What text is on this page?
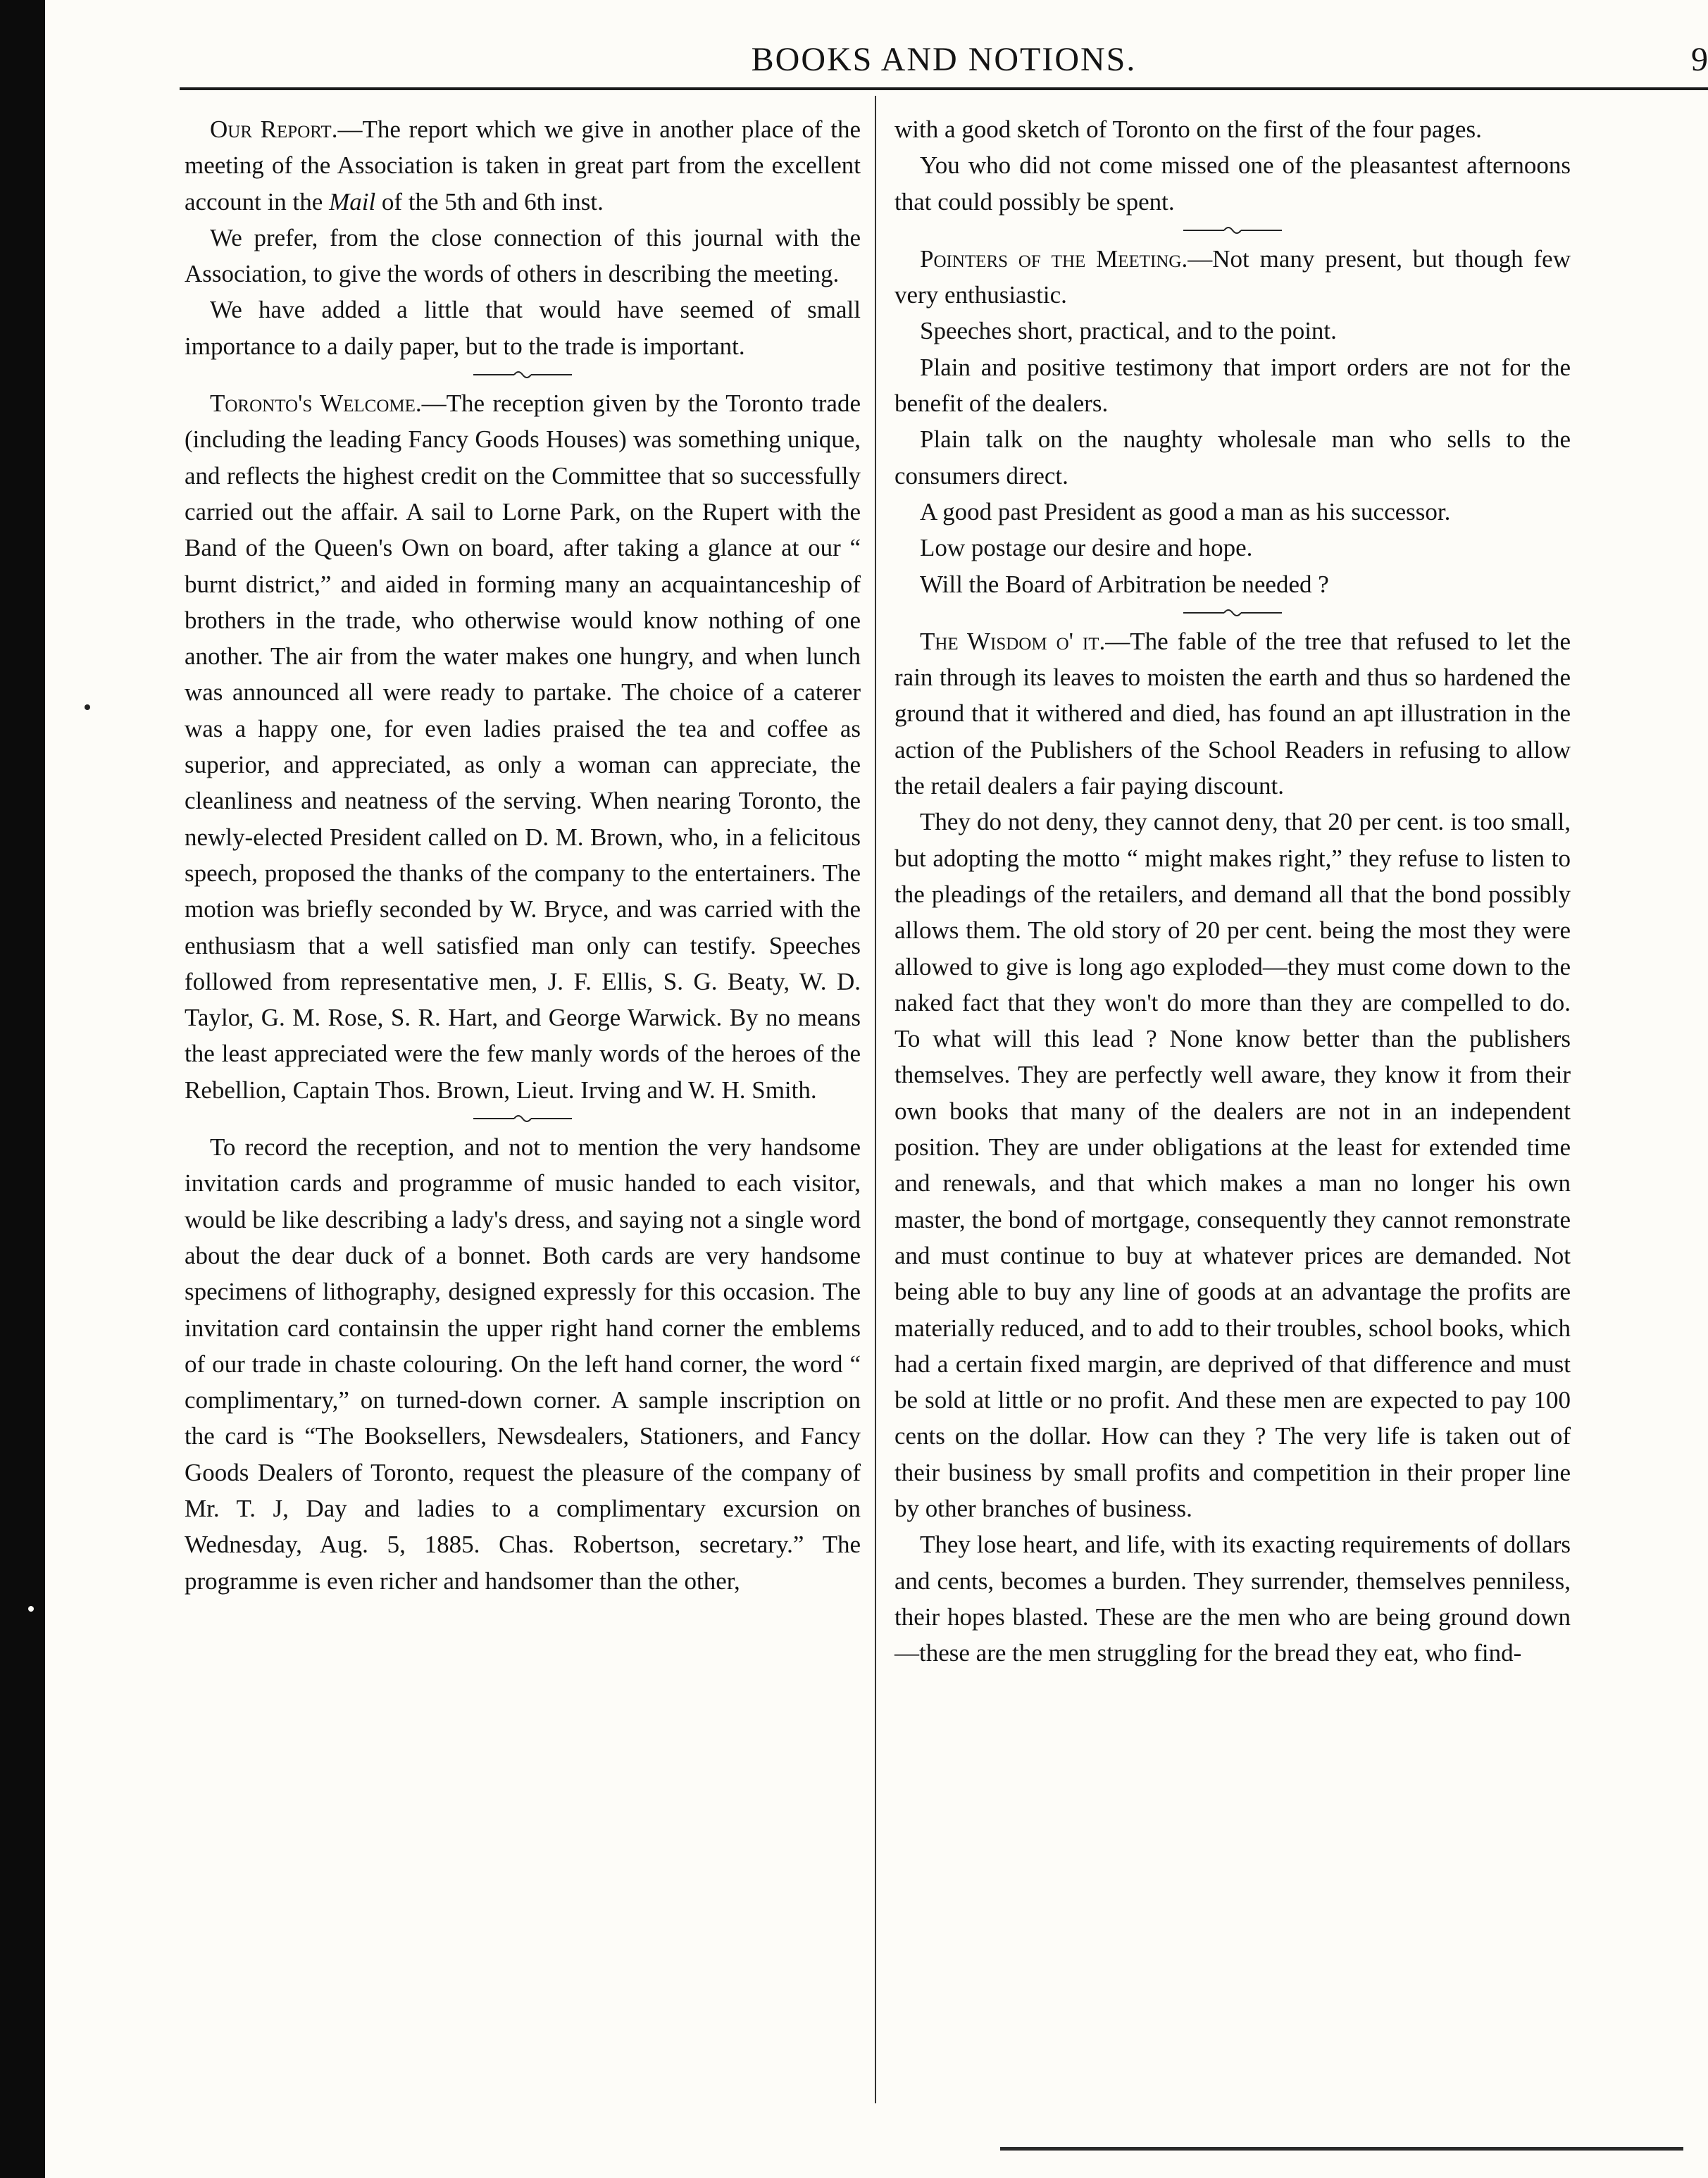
BOOKS AND NOTIONS.	9

Our Report.—The report which we give in another place of the meeting of the Association is taken in great part from the excellent account in the Mail of the 5th and 6th inst.

We prefer, from the close connection of this journal with the Association, to give the words of others in describing the meeting.

We have added a little that would have seemed of small importance to a daily paper, but to the trade is important.

Toronto's Welcome.—The reception given by the Toronto trade (including the leading Fancy Goods Houses) was something unique, and reflects the highest credit on the Committee that so successfully carried out the affair. A sail to Lorne Park, on the Rupert with the Band of the Queen's Own on board, after taking a glance at our “ burnt district,” and aided in forming many an acquaintanceship of brothers in the trade, who otherwise would know nothing of one another. The air from the water makes one hungry, and when lunch was announced all were ready to partake. The choice of a caterer was a happy one, for even ladies praised the tea and coffee as superior, and appreciated, as only a woman can appreciate, the cleanliness and neatness of the serving. When nearing Toronto, the newly-elected President called on D. M. Brown, who, in a felicitous speech, proposed the thanks of the company to the entertainers. The motion was briefly seconded by W. Bryce, and was carried with the enthusiasm that a well satisfied man only can testify. Speeches followed from representative men, J. F. Ellis, S. G. Beaty, W. D. Taylor, G. M. Rose, S. R. Hart, and George Warwick. By no means the least appreciated were the few manly words of the heroes of the Rebellion, Captain Thos. Brown, Lieut. Irving and W. H. Smith.

To record the reception, and not to mention the very handsome invitation cards and programme of music handed to each visitor, would be like describing a lady's dress, and saying not a single word about the dear duck of a bonnet. Both cards are very handsome specimens of lithography, designed expressly for this occasion. The invitation card containsin the upper right hand corner the emblems of our trade in chaste colouring. On the left hand corner, the word “ complimentary,” on turned-down corner. A sample inscription on the card is “The Booksellers, Newsdealers, Stationers, and Fancy Goods Dealers of Toronto, request the pleasure of the company of Mr. T. J, Day and ladies to a complimentary excursion on Wednesday, Aug. 5, 1885. Chas. Robertson, secretary.” The programme is even richer and handsomer than the other,

with a good sketch of Toronto on the first of the four pages.

You who did not come missed one of the pleasantest afternoons that could possibly be spent.

Pointers of the Meeting.—Not many present, but though few very enthusiastic.

Speeches short, practical, and to the point.

Plain and positive testimony that import orders are not for the benefit of the dealers.

Plain talk on the naughty wholesale man who sells to the consumers direct.

A good past President as good a man as his successor.

Low postage our desire and hope.

Will the Board of Arbitration be needed ?

The Wisdom o' it.—The fable of the tree that refused to let the rain through its leaves to moisten the earth and thus so hardened the ground that it withered and died, has found an apt illustration in the action of the Publishers of the School Readers in refusing to allow the retail dealers a fair paying discount.

They do not deny, they cannot deny, that 20 per cent. is too small, but adopting the motto “ might makes right,” they refuse to listen to the pleadings of the retailers, and demand all that the bond possibly allows them. The old story of 20 per cent. being the most they were allowed to give is long ago exploded—they must come down to the naked fact that they won't do more than they are compelled to do. To what will this lead ? None know better than the publishers themselves. They are perfectly well aware, they know it from their own books that many of the dealers are not in an independent position. They are under obligations at the least for extended time and renewals, and that which makes a man no longer his own master, the bond of mortgage, consequently they cannot remonstrate and must continue to buy at whatever prices are demanded. Not being able to buy any line of goods at an advantage the profits are materially reduced, and to add to their troubles, school books, which had a certain fixed margin, are deprived of that difference and must be sold at little or no profit. And these men are expected to pay 100 cents on the dollar. How can they ? The very life is taken out of their business by small profits and competition in their proper line by other branches of business.

They lose heart, and life, with its exacting requirements of dollars and cents, becomes a burden. They surrender, themselves penniless, their hopes blasted. These are the men who are being ground down—these are the men struggling for the bread they eat, who find-
